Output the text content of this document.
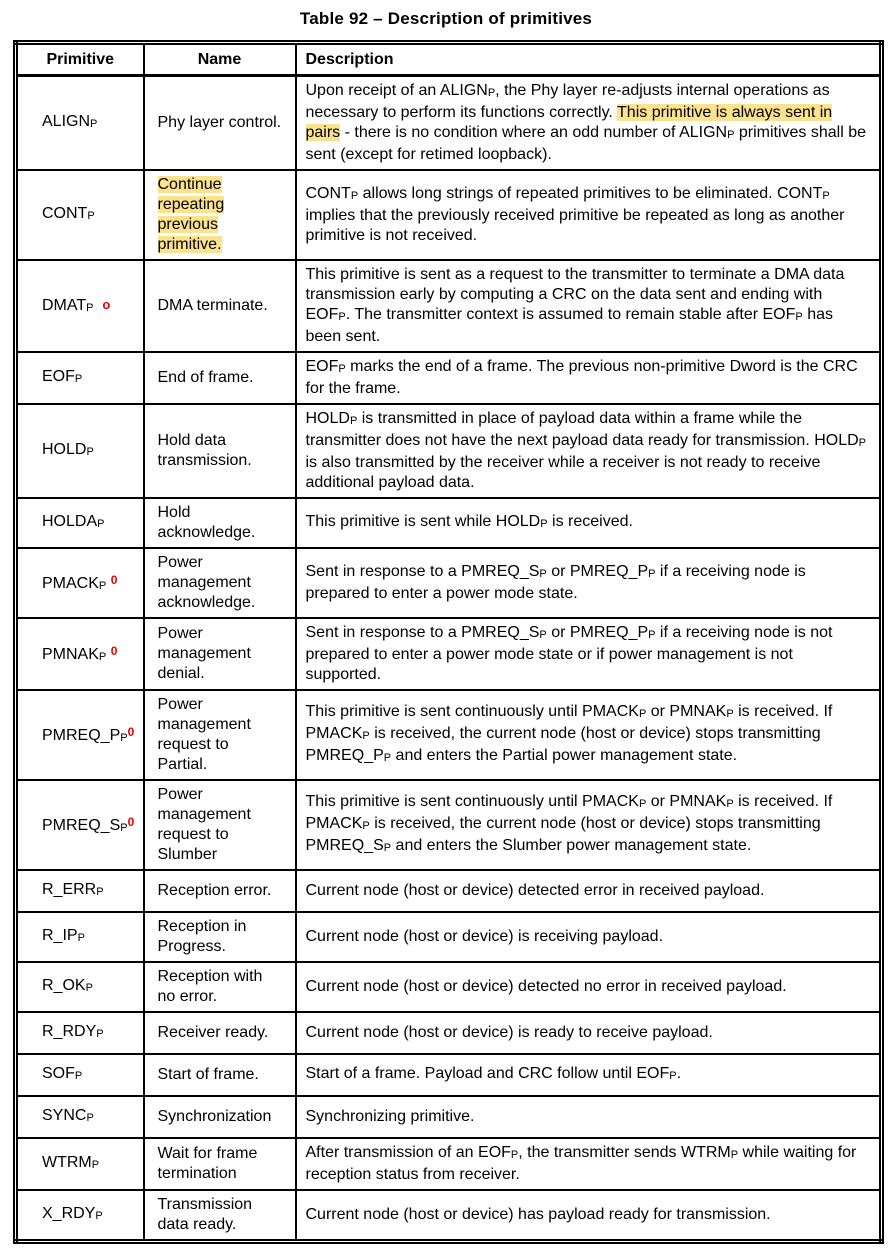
Table 92 – Description of primitives
Primitive	Name	Description
ALIGNP	Phy layer control.	Upon receipt of an ALIGNP, the Phy layer re-adjusts internal operations as necessary to perform its functions correctly. This primitive is always sent in pairs - there is no condition where an odd number of ALIGNP primitives shall be sent (except for retimed loopback).
CONTP	Continue repeating previous primitive.	CONTP allows long strings of repeated primitives to be eliminated. CONTP implies that the previously received primitive be repeated as long as another primitive is not received.
DMATP o	DMA terminate.	This primitive is sent as a request to the transmitter to terminate a DMA data transmission early by computing a CRC on the data sent and ending with EOFP. The transmitter context is assumed to remain stable after EOFP has been sent.
EOFP	End of frame.	EOFP marks the end of a frame. The previous non-primitive Dword is the CRC for the frame.
HOLDP	Hold data transmission.	HOLDP is transmitted in place of payload data within a frame while the transmitter does not have the next payload data ready for transmission. HOLDP is also transmitted by the receiver while a receiver is not ready to receive additional payload data.
HOLDAP	Hold acknowledge.	This primitive is sent while HOLDP is received.
PMACKP $^0$	Power management acknowledge.	Sent in response to a PMREQ_SP or PMREQ_PP if a receiving node is prepared to enter a power mode state.
PMNAKP $^0$	Power management denial.	Sent in response to a PMREQ_SP or PMREQ_PP if a receiving node is not prepared to enter a power mode state or if power management is not supported.
$PMREQ\_PP^0$	Power management request to Partial.	This primitive is sent continuously until PMACKP or PMNAKP is received. If PMACKP is received, the current node (host or device) stops transmitting PMREQ_PP and enters the Partial power management state.
$PMREQ\_SP^0$	Power management request to Slumber	This primitive is sent continuously until PMACKP or PMNAKP is received. If PMACKP is received, the current node (host or device) stops transmitting PMREQ_SP and enters the Slumber power management state.
R_ERRP	Reception error.	Current node (host or device) detected error in received payload.
R_IPP	Reception in Progress.	Current node (host or device) is receiving payload.
R_OKP	Reception with no error.	Current node (host or device) detected no error in received payload.
R_RDYP	Receiver ready.	Current node (host or device) is ready to receive payload.
SOFP	Start of frame.	Start of a frame. Payload and CRC follow until EOFP.
SYNCP	Synchronization	Synchronizing primitive.
WTRMP	Wait for frame termination	After transmission of an EOFP, the transmitter sends WTRMP while waiting for reception status from receiver.
X_RDYP	Transmission data ready.	Current node (host or device) has payload ready for transmission.
